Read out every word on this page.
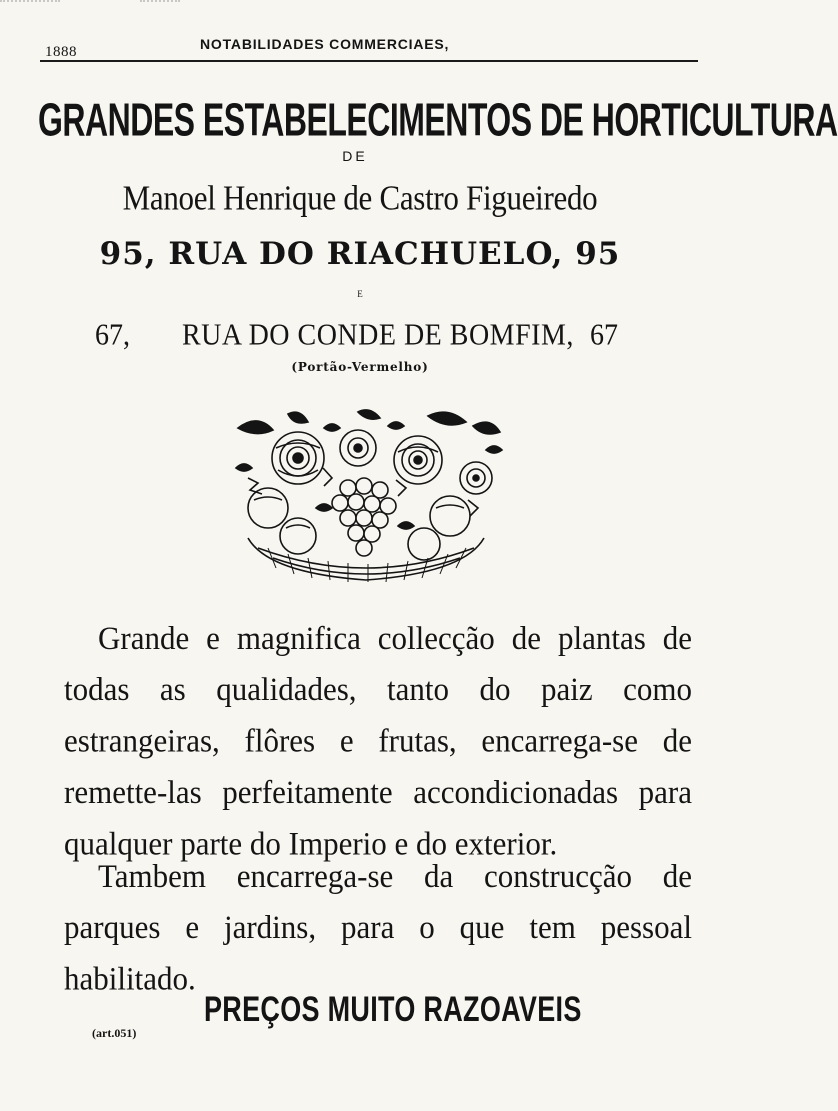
1888	NOTABILIDADES COMMERCIAES,
GRANDES ESTABELECIMENTOS DE HORTICULTURA
DE
Manoel Henrique de Castro Figueiredo
95, RUA DO RIACHUELO, 95
E
67, RUA DO CONDE DE BOMFIM, 67
(Portão-Vermelho)
Grande e magnifica collecção de plantas de todas as qualidades, tanto do paiz como estrangeiras, flôres e frutas, encarrega-se de remette-las perfeitamente accondicionadas para qualquer parte do Imperio e do exterior.
Tambem encarrega-se da construcção de parques e jardins, para o que tem pessoal habilitado.
PREÇOS MUITO RAZOAVEIS
(art.051)
